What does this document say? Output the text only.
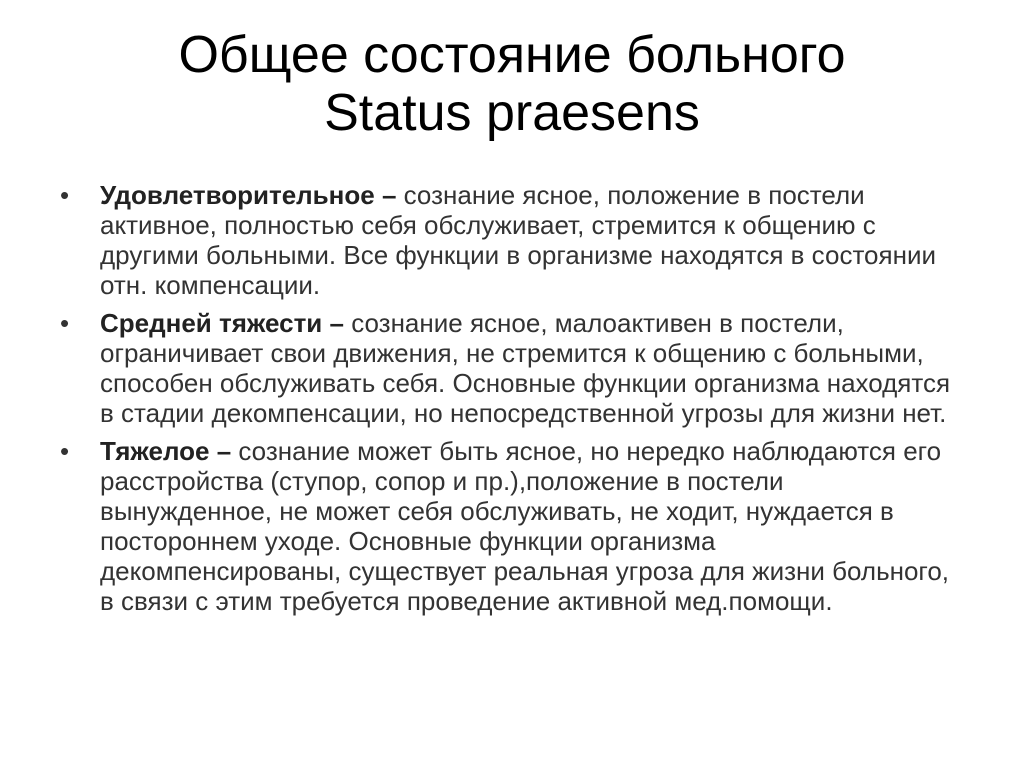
Общее состояние больного
Status praesens
•	Удовлетворительное – сознание ясное, положение в постели активное, полностью себя обслуживает, стремится к общению с другими больными. Все функции в организме находятся в состоянии отн. компенсации.
•	Средней тяжести – сознание ясное, малоактивен в постели, ограничивает свои движения, не стремится к общению с больными, способен обслуживать себя. Основные функции организма находятся в стадии декомпенсации, но непосредственной угрозы для жизни нет.
•	Тяжелое – сознание может быть ясное, но нередко наблюдаются его расстройства (ступор, сопор и пр.),положение в постели вынужденное, не может себя обслуживать, не ходит, нуждается в постороннем уходе. Основные функции организма декомпенсированы, существует реальная угроза для жизни больного, в связи с этим требуется проведение активной мед.помощи.
